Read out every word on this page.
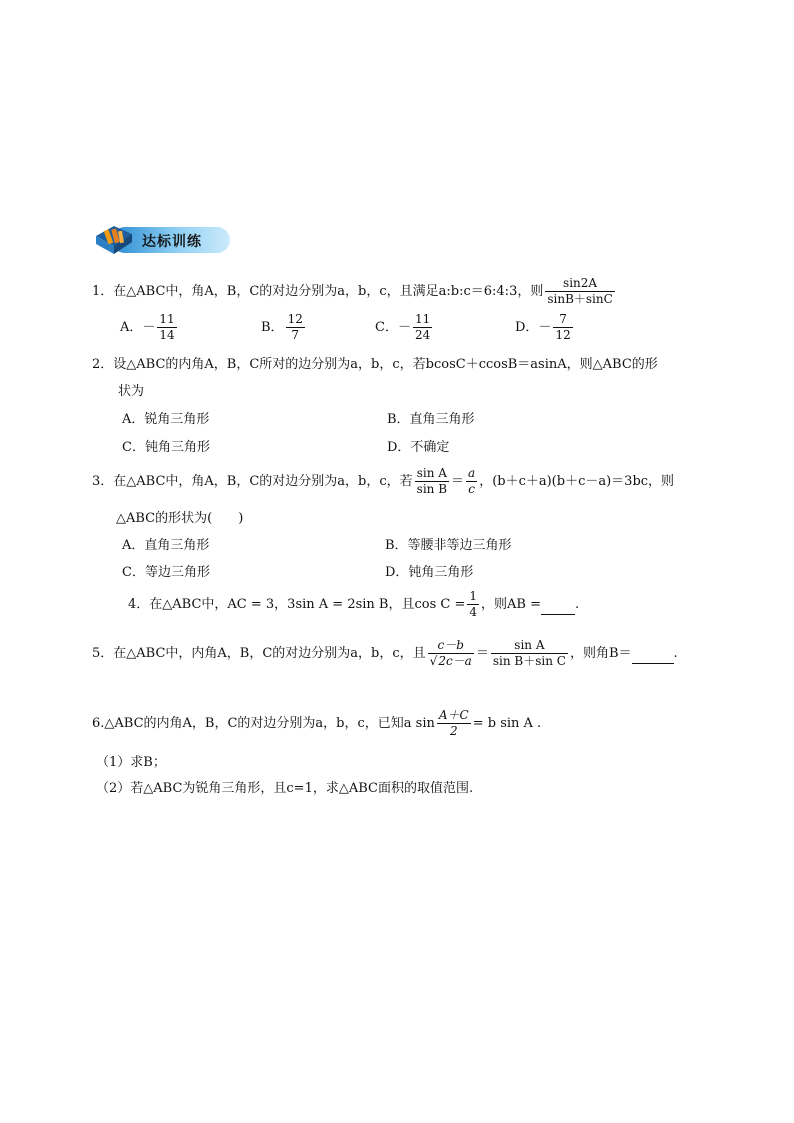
达标训练
1．在△ABC中，角A，B，C的对边分别为a，b，c，且满足a:b:c＝6:4:3，则 $\frac{\sin 2A}{\sin B+\sin C}$
A．－ $\frac{11}{14}$	B． $\frac{12}{7}$	C．－ $\frac{11}{24}$	D．－ $\frac{7}{12}$
2．设△ABC的内角A，B，C所对的边分别为a，b，c，若bcosC＋ccosB＝asinA，则△ABC的形
状为
A．锐角三角形	B．直角三角形
C．钝角三角形	D．不确定
3．在△ABC中，角A，B，C的对边分别为a，b，c，若 $\frac{\text{sin A}}{\text{sin B}} = \frac{a}{c}$ ，(b＋c＋a)(b＋c－a)＝3bc，则
△ABC的形状为(　　)
A．直角三角形	B．等腰非等边三角形
C．等边三角形	D．钝角三角形
4．在△ABC中，AC = 3，3sin A = 2sin B，且$\cos C = \frac{1}{4}$ ，则AB =	.
5．在△ABC中，内角A，B，C的对边分别为a，b，c，且 $\frac{c-b}{√2c-a} = \frac{\text{sin A}}{\text{sin B＋sin C}}$ ，则角B＝	.
6.△ABC的内角A，B，C的对边分别为a，b，c，已知a $\sin \frac{A+C}{2} = b$ sin A .
（1）求B；
（2）若△ABC为锐角三角形，且c=1，求△ABC面积的取值范围.
